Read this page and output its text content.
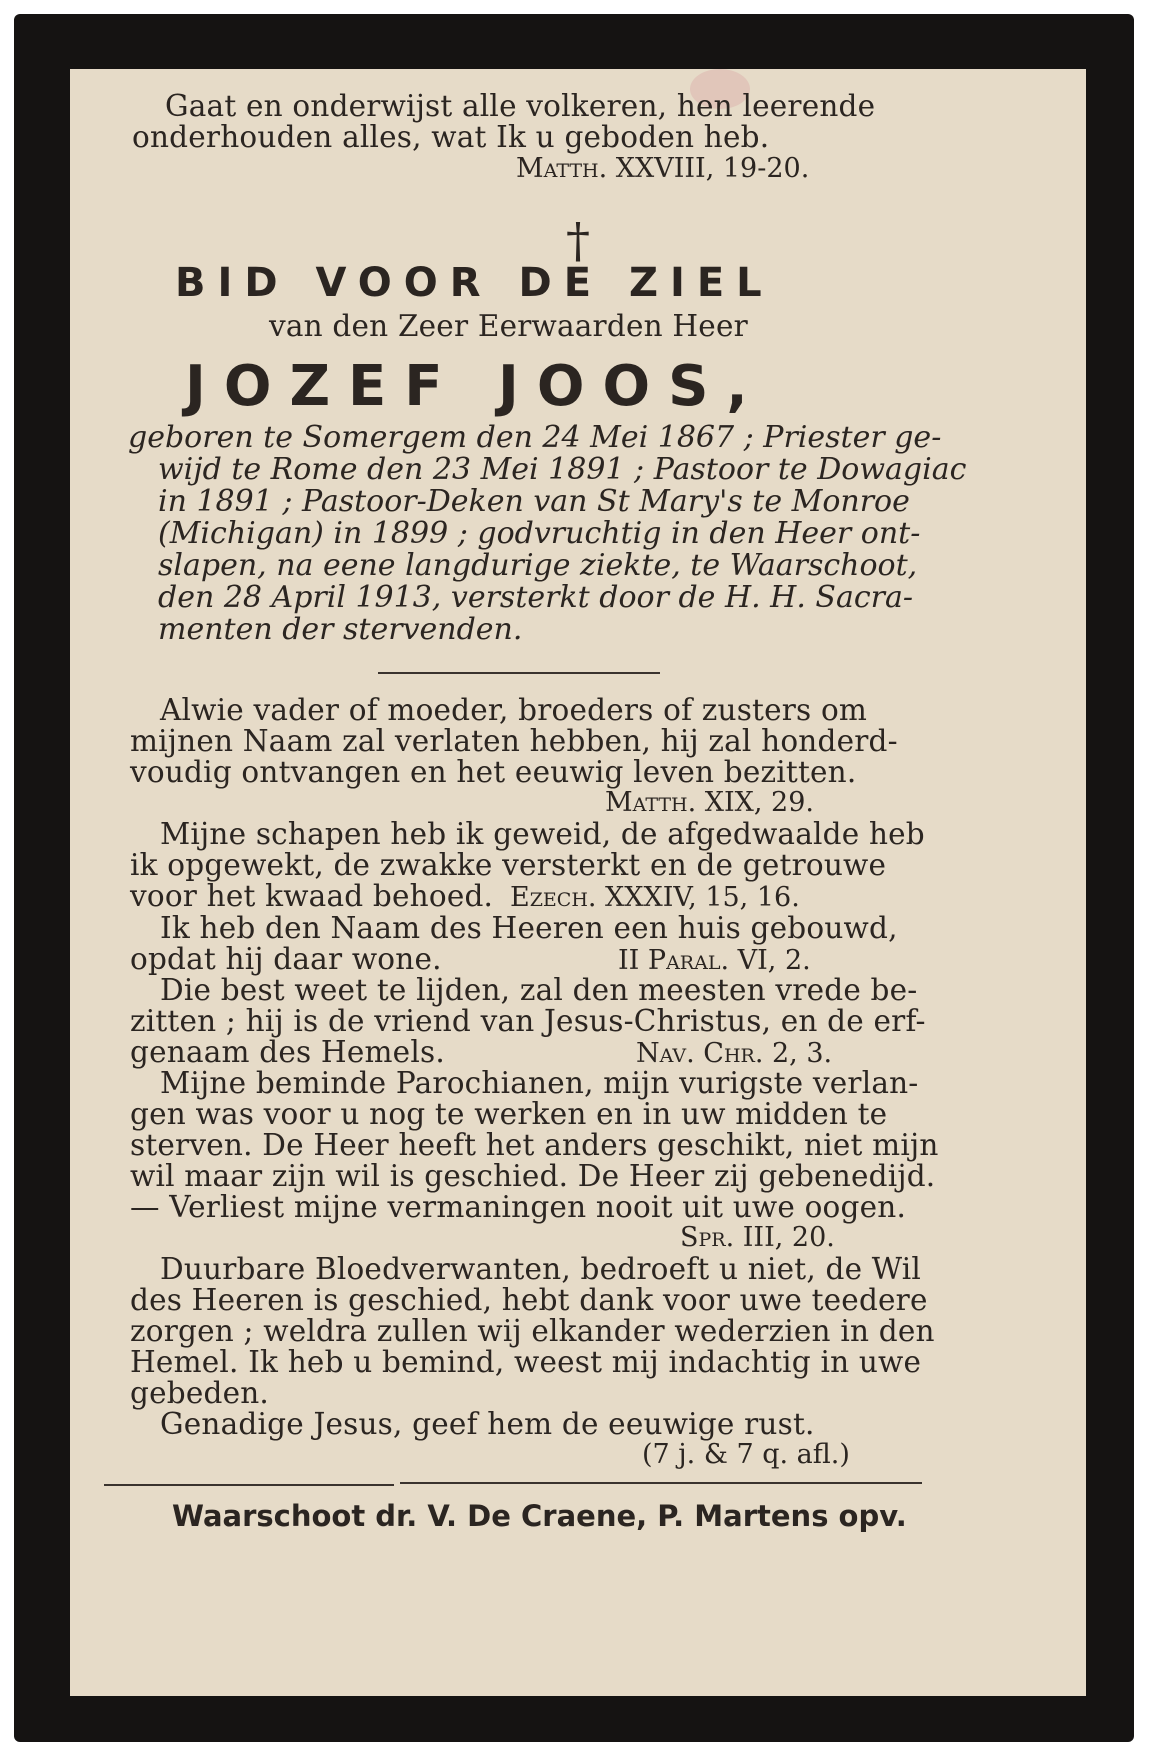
Gaat en onderwijst alle volkeren, hen leerende
onderhouden alles, wat Ik u geboden heb.
Matth. XXVIII, 19-20.
†
BID VOOR DE ZIEL
van den Zeer Eerwaarden Heer
JOZEF JOOS,
geboren te Somergem den 24 Mei 1867 ; Priester ge-
wijd te Rome den 23 Mei 1891 ; Pastoor te Dowagiac
in 1891 ; Pastoor-Deken van St Mary's te Monroe
(Michigan) in 1899 ; godvruchtig in den Heer ont-
slapen, na eene langdurige ziekte, te Waarschoot,
den 28 April 1913, versterkt door de H. H. Sacra-
menten der stervenden.
Alwie vader of moeder, broeders of zusters om
mijnen Naam zal verlaten hebben, hij zal honderd-
voudig ontvangen en het eeuwig leven bezitten.
Matth. XIX, 29.
Mijne schapen heb ik geweid, de afgedwaalde heb
ik opgewekt, de zwakke versterkt en de getrouwe
voor het kwaad behoed. Ezech. XXXIV, 15, 16.
Ik heb den Naam des Heeren een huis gebouwd,
opdat hij daar wone.	II Paral. VI, 2.
Die best weet te lijden, zal den meesten vrede be-
zitten ; hij is de vriend van Jesus-Christus, en de erf-
genaam des Hemels.	Nav. Chr. 2, 3.
Mijne beminde Parochianen, mijn vurigste verlan-
gen was voor u nog te werken en in uw midden te
sterven. De Heer heeft het anders geschikt, niet mijn
wil maar zijn wil is geschied. De Heer zij gebenedijd.
— Verliest mijne vermaningen nooit uit uwe oogen.
Spr. III, 20.
Duurbare Bloedverwanten, bedroeft u niet, de Wil
des Heeren is geschied, hebt dank voor uwe teedere
zorgen ; weldra zullen wij elkander wederzien in den
Hemel. Ik heb u bemind, weest mij indachtig in uwe
gebeden.
Genadige Jesus, geef hem de eeuwige rust.
(7 j. & 7 q. afl.)
Waarschoot dr. V. De Craene, P. Martens opv.
